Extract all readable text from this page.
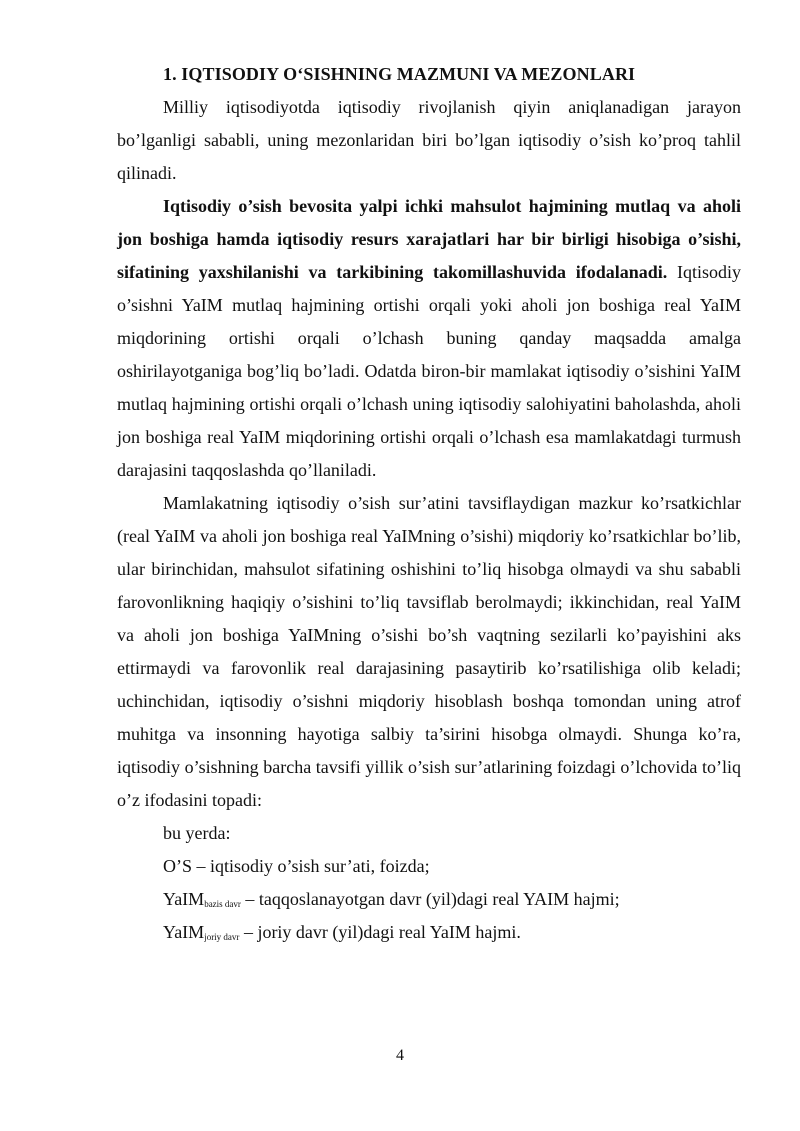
1. IQTISODIY O‘SISHNING MAZMUNI VA MEZONLARI

Milliy iqtisodiyotda iqtisodiy rivojlanish qiyin aniqlanadigan jarayon bo’lganligi sababli, uning mezonlaridan biri bo’lgan iqtisodiy o’sish ko’proq tahlil qilinadi.

Iqtisodiy o’sish bevosita yalpi ichki mahsulot hajmining mutlaq va aholi jon boshiga hamda iqtisodiy resurs xarajatlari har bir birligi hisobiga o’sishi, sifatining yaxshilanishi va tarkibining takomillashuvida ifodalanadi. Iqtisodiy o’sishni YaIM mutlaq hajmining ortishi orqali yoki aholi jon boshiga real YaIM miqdorining ortishi orqali o’lchash buning qanday maqsadda amalga oshirilayotganiga bog’liq bo’ladi. Odatda biron-bir mamlakat iqtisodiy o’sishini YaIM mutlaq hajmining ortishi orqali o’lchash uning iqtisodiy salohiyatini baholashda, aholi jon boshiga real YaIM miqdorining ortishi orqali o’lchash esa mamlakatdagi turmush darajasini taqqoslashda qo’llaniladi.

Mamlakatning iqtisodiy o’sish sur’atini tavsiflaydigan mazkur ko’rsatkichlar (real YaIM va aholi jon boshiga real YaIMning o’sishi) miqdoriy ko’rsatkichlar bo’lib, ular birinchidan, mahsulot sifatining oshishini to’liq hisobga olmaydi va shu sababli farovonlikning haqiqiy o’sishini to’liq tavsiflab berolmaydi; ikkinchidan, real YaIM va aholi jon boshiga YaIMning o’sishi bo’sh vaqtning sezilarli ko’payishini aks ettirmaydi va farovonlik real darajasining pasaytirib ko’rsatilishiga olib keladi; uchinchidan, iqtisodiy o’sishni miqdoriy hisoblash boshqa tomondan uning atrof muhitga va insonning hayotiga salbiy ta’sirini hisobga olmaydi. Shunga ko’ra, iqtisodiy o’sishning barcha tavsifi yillik o’sish sur’atlarining foizdagi o’lchovida to’liq o’z ifodasini topadi:

bu yerda:

O’S – iqtisodiy o’sish sur’ati, foizda;

YaIM$_{bazis davr}$ – taqqoslanayotgan davr (yil)dagi real YAIM hajmi;

YaIM$_{joriy davr}$ – joriy davr (yil)dagi real YaIM hajmi.

4
